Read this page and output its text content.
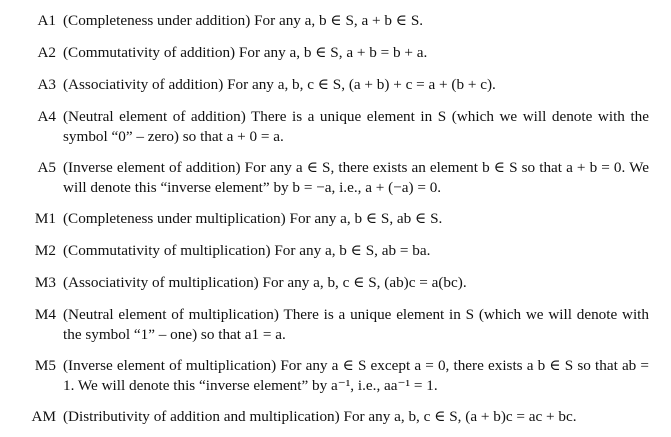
A1 (Completeness under addition) For any a, b ∈ S, a + b ∈ S.
A2 (Commutativity of addition) For any a, b ∈ S, a + b = b + a.
A3 (Associativity of addition) For any a, b, c ∈ S, (a + b) + c = a + (b + c).
A4 (Neutral element of addition) There is a unique element in S (which we will denote with the symbol “0” – zero) so that a + 0 = a.
A5 (Inverse element of addition) For any a ∈ S, there exists an element b ∈ S so that a + b = 0. We will denote this “inverse element” by b = −a, i.e., a + (−a) = 0.
M1 (Completeness under multiplication) For any a, b ∈ S, ab ∈ S.
M2 (Commutativity of multiplication) For any a, b ∈ S, ab = ba.
M3 (Associativity of multiplication) For any a, b, c ∈ S, (ab)c = a(bc).
M4 (Neutral element of multiplication) There is a unique element in S (which we will denote with the symbol “1” – one) so that a1 = a.
M5 (Inverse element of multiplication) For any a ∈ S except a = 0, there exists a b ∈ S so that ab = 1. We will denote this “inverse element” by a⁻¹, i.e., aa⁻¹ = 1.
AM (Distributivity of addition and multiplication) For any a, b, c ∈ S, (a + b)c = ac + bc.
